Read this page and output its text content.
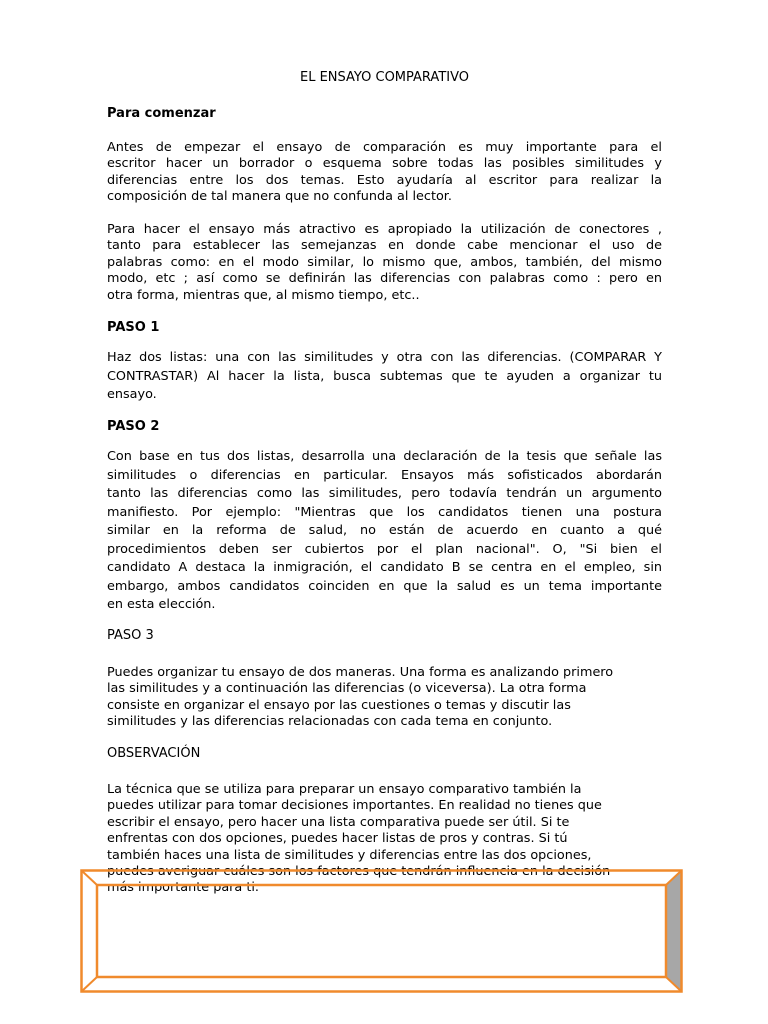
EL ENSAYO COMPARATIVO
Para comenzar

Antes de empezar el ensayo de comparación es muy importante para el
escritor hacer un borrador o esquema sobre todas las posibles similitudes y
diferencias entre los dos temas. Esto ayudaría al escritor para realizar la
composición de tal manera que no confunda al lector.

Para hacer el ensayo más atractivo es apropiado la utilización de conectores ,
tanto para establecer las semejanzas en donde cabe mencionar el uso de
palabras como: en el modo similar, lo mismo que, ambos, también, del mismo
modo, etc ; así como se definirán las diferencias con palabras como : pero en
otra forma, mientras que, al mismo tiempo, etc..

PASO 1

Haz dos listas: una con las similitudes y otra con las diferencias. (COMPARAR Y
CONTRASTAR) Al hacer la lista, busca subtemas que te ayuden a organizar tu
ensayo.

PASO 2

Con base en tus dos listas, desarrolla una declaración de la tesis que señale las
similitudes o diferencias en particular. Ensayos más sofisticados abordarán
tanto las diferencias como las similitudes, pero todavía tendrán un argumento
manifiesto. Por ejemplo: "Mientras que los candidatos tienen una postura
similar en la reforma de salud, no están de acuerdo en cuanto a qué
procedimientos deben ser cubiertos por el plan nacional". O, "Si bien el
candidato A destaca la inmigración, el candidato B se centra en el empleo, sin
embargo, ambos candidatos coinciden en que la salud es un tema importante
en esta elección.

PASO 3

Puedes organizar tu ensayo de dos maneras. Una forma es analizando primero
las similitudes y a continuación las diferencias (o viceversa). La otra forma
consiste en organizar el ensayo por las cuestiones o temas y discutir las
similitudes y las diferencias relacionadas con cada tema en conjunto.

OBSERVACIÓN

La técnica que se utiliza para preparar un ensayo comparativo también la
puedes utilizar para tomar decisiones importantes. En realidad no tienes que
escribir el ensayo, pero hacer una lista comparativa puede ser útil. Si te
enfrentas con dos opciones, puedes hacer listas de pros y contras. Si tú
también haces una lista de similitudes y diferencias entre las dos opciones,
puedes averiguar cuáles son los factores que tendrán influencia en la decisión
más importante para ti.
